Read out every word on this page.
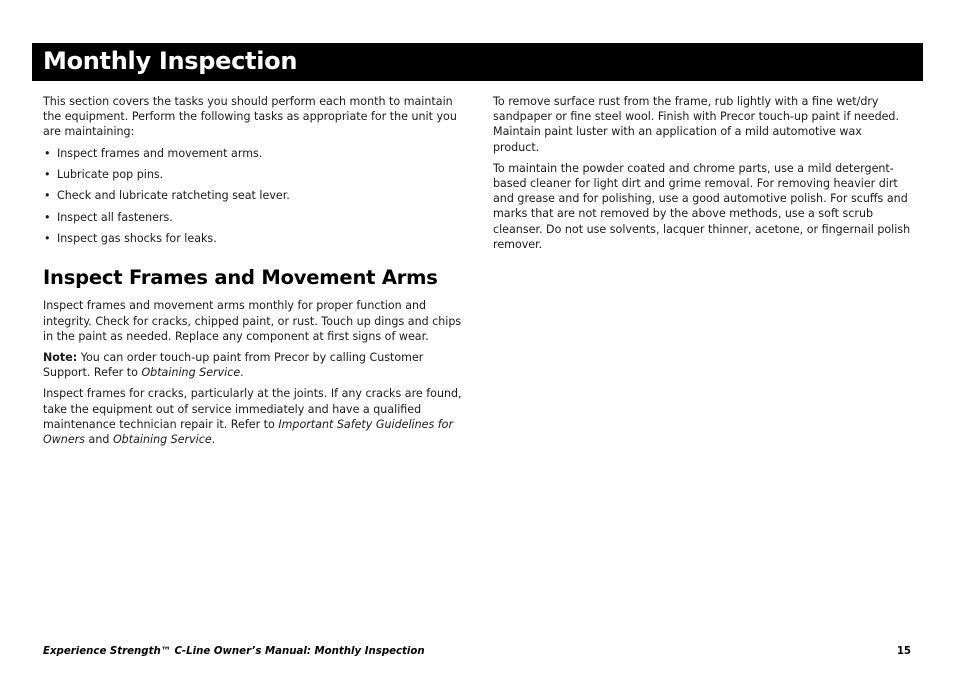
Monthly Inspection

This section covers the tasks you should perform each month to maintain the equipment. Perform the following tasks as appropriate for the unit you are maintaining:

• Inspect frames and movement arms.
• Lubricate pop pins.
• Check and lubricate ratcheting seat lever.
• Inspect all fasteners.
• Inspect gas shocks for leaks.
Inspect Frames and Movement Arms

Inspect frames and movement arms monthly for proper function and integrity. Check for cracks, chipped paint, or rust. Touch up dings and chips in the paint as needed. Replace any component at first signs of wear.

Note: You can order touch-up paint from Precor by calling Customer Support. Refer to Obtaining Service.

Inspect frames for cracks, particularly at the joints. If any cracks are found, take the equipment out of service immediately and have a qualified maintenance technician repair it. Refer to Important Safety Guidelines for Owners and Obtaining Service.

To remove surface rust from the frame, rub lightly with a fine wet/dry sandpaper or fine steel wool. Finish with Precor touch-up paint if needed. Maintain paint luster with an application of a mild automotive wax product.

To maintain the powder coated and chrome parts, use a mild detergent-based cleaner for light dirt and grime removal. For removing heavier dirt and grease and for polishing, use a good automotive polish. For scuffs and marks that are not removed by the above methods, use a soft scrub cleanser. Do not use solvents, lacquer thinner, acetone, or fingernail polish remover.

Experience Strength™ C-Line Owner’s Manual: Monthly Inspection	15
